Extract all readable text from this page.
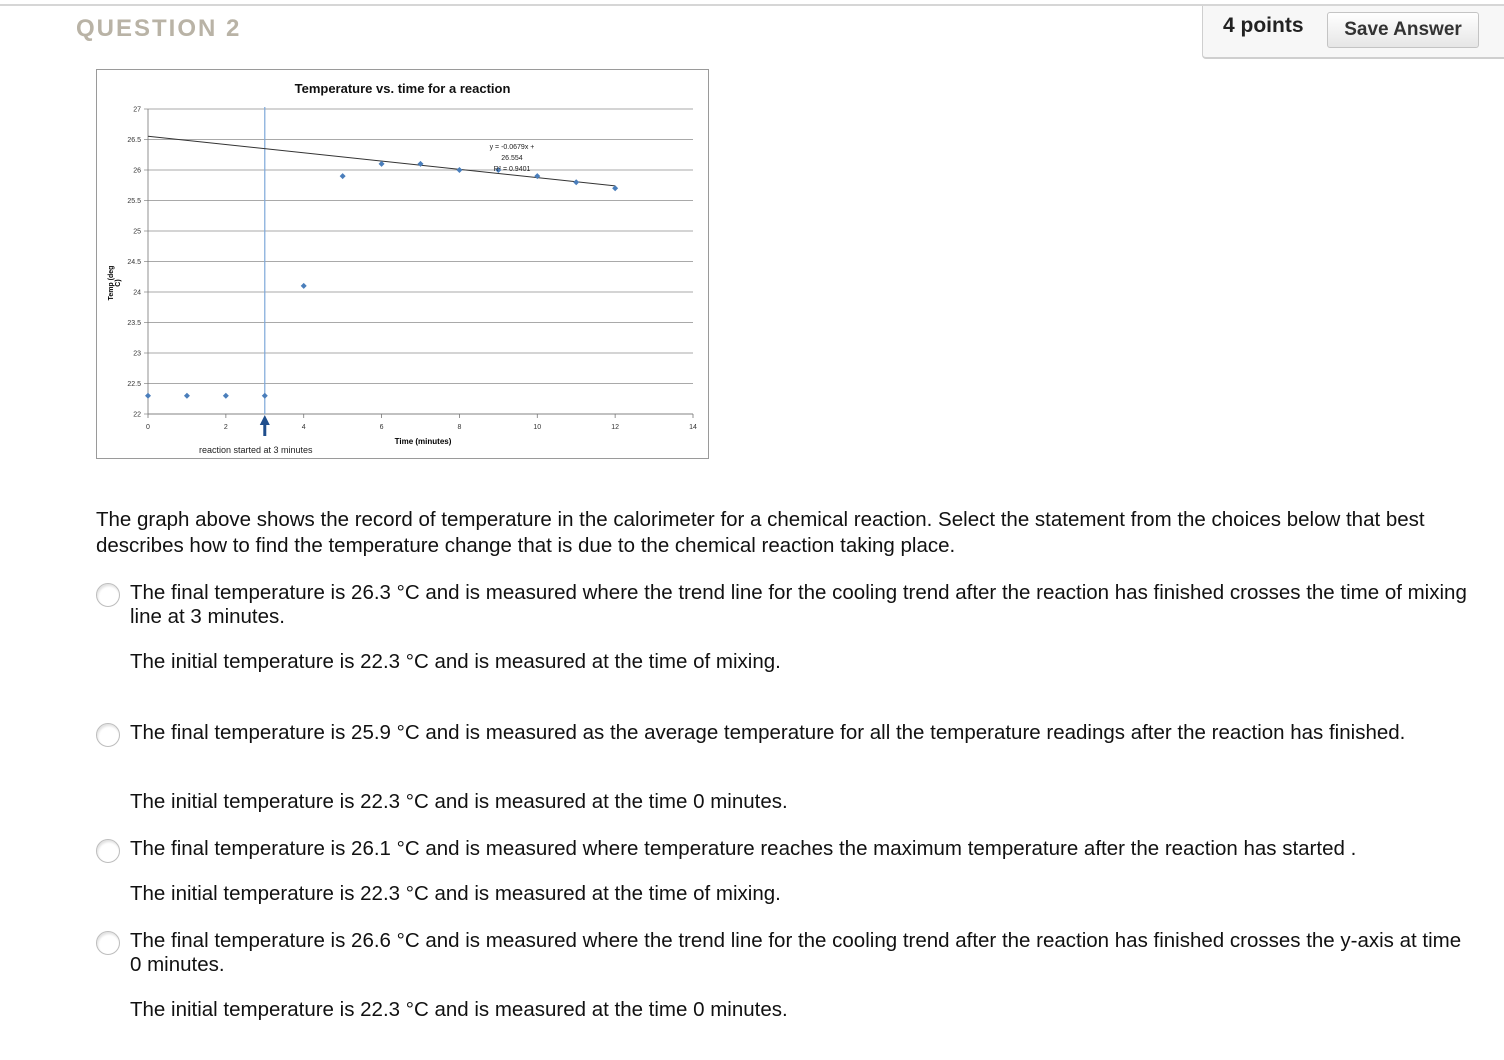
QUESTION 2	4 points	Save Answer
22
22.5
23
23.5
24
24.5
25
25.5
26
26.5
27
0	2	4	6	8	10	12	14
Temperature vs. time for a reaction
Temp (deg C)
Time (minutes)
reaction started at 3 minutes
y = -0.0679x + 26.554
R² = 0.9401
The graph above shows the record of temperature in the calorimeter for a chemical reaction. Select the statement from the choices below that best describes how to find the temperature change that is due to the chemical reaction taking place.
The final temperature is 26.3 °C and is measured where the trend line for the cooling trend after the reaction has finished crosses the time of mixing line at 3 minutes.
The initial temperature is 22.3 °C and is measured at the time of mixing.
The final temperature is 25.9 °C and is measured as the average temperature for all the temperature readings after the reaction has finished.
The initial temperature is 22.3 °C and is measured at the time 0 minutes.
The final temperature is 26.1 °C and is measured where temperature reaches the maximum temperature after the reaction has started .
The initial temperature is 22.3 °C and is measured at the time of mixing.
The final temperature is 26.6 °C and is measured where the trend line for the cooling trend after the reaction has finished crosses the y-axis at time 0 minutes.
The initial temperature is 22.3 °C and is measured at the time 0 minutes.
